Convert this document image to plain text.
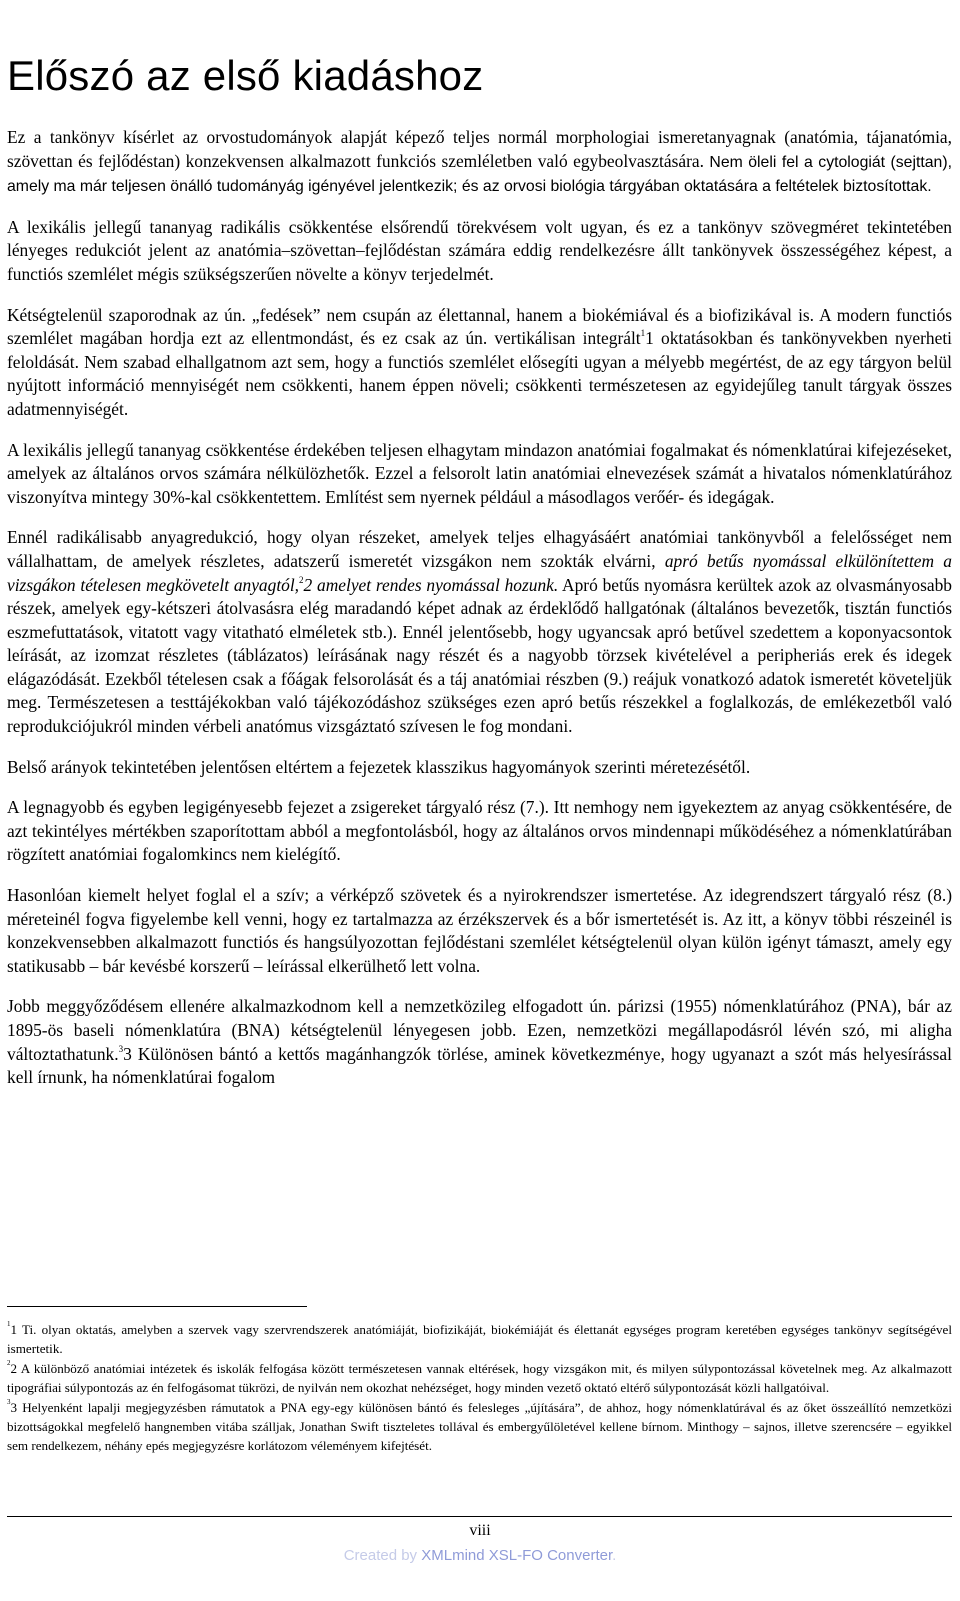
Előszó az első kiadáshoz

Ez a tankönyv kísérlet az orvostudományok alapját képező teljes normál morphologiai ismeretanyagnak (anatómia, tájanatómia, szövettan és fejlődéstan) konzekvensen alkalmazott funkciós szemléletben való egybeolvasztására. Nem öleli fel a cytologiát (sejttan), amely ma már teljesen önálló tudományág igényével jelentkezik; és az orvosi biológia tárgyában oktatására a feltételek biztosítottak.

A lexikális jellegű tananyag radikális csökkentése elsőrendű törekvésem volt ugyan, és ez a tankönyv szövegméret tekintetében lényeges redukciót jelent az anatómia–szövettan–fejlődéstan számára eddig rendelkezésre állt tankönyvek összességéhez képest, a functiós szemlélet mégis szükségszerűen növelte a könyv terjedelmét.

Kétségtelenül szaporodnak az ún. „fedések” nem csupán az élettannal, hanem a biokémiával és a biofizikával is. A modern functiós szemlélet magában hordja ezt az ellentmondást, és ez csak az ún. vertikálisan integrált$^1$1 oktatásokban és tankönyvekben nyerheti feloldását. Nem szabad elhallgatnom azt sem, hogy a functiós szemlélet elősegíti ugyan a mélyebb megértést, de az egy tárgyon belül nyújtott információ mennyiségét nem csökkenti, hanem éppen növeli; csökkenti természetesen az egyidejűleg tanult tárgyak összes adatmennyiségét.

A lexikális jellegű tananyag csökkentése érdekében teljesen elhagytam mindazon anatómiai fogalmakat és nómenklatúrai kifejezéseket, amelyek az általános orvos számára nélkülözhetők. Ezzel a felsorolt latin anatómiai elnevezések számát a hivatalos nómenklatúrához viszonyítva mintegy 30%-kal csökkentettem. Említést sem nyernek például a másodlagos verőér- és idegágak.

Ennél radikálisabb anyagredukció, hogy olyan részeket, amelyek teljes elhagyásáért anatómiai tankönyvből a felelősséget nem vállalhattam, de amelyek részletes, adatszerű ismeretét vizsgákon nem szokták elvárni, apró betűs nyomással elkülönítettem a vizsgákon tételesen megkövetelt anyagtól,$^2$2 amelyet rendes nyomással hozunk. Apró betűs nyomásra kerültek azok az olvasmányosabb részek, amelyek egy-kétszeri átolvasásra elég maradandó képet adnak az érdeklődő hallgatónak (általános bevezetők, tisztán functiós eszmefuttatások, vitatott vagy vitatható elméletek stb.). Ennél jelentősebb, hogy ugyancsak apró betűvel szedettem a koponyacsontok leírását, az izomzat részletes (táblázatos) leírásának nagy részét és a nagyobb törzsek kivételével a peripheriás erek és idegek elágazódását. Ezekből tételesen csak a főágak felsorolását és a táj anatómiai részben (9.) reájuk vonatkozó adatok ismeretét követeljük meg. Természetesen a testtájékokban való tájékozódáshoz szükséges ezen apró betűs részekkel a foglalkozás, de emlékezetből való reprodukciójukról minden vérbeli anatómus vizsgáztató szívesen le fog mondani.

Belső arányok tekintetében jelentősen eltértem a fejezetek klasszikus hagyományok szerinti méretezésétől.

A legnagyobb és egyben legigényesebb fejezet a zsigereket tárgyaló rész (7.). Itt nemhogy nem igyekeztem az anyag csökkentésére, de azt tekintélyes mértékben szaporítottam abból a megfontolásból, hogy az általános orvos mindennapi működéséhez a nómenklatúrában rögzített anatómiai fogalomkincs nem kielégítő.

Hasonlóan kiemelt helyet foglal el a szív; a vérképző szövetek és a nyirokrendszer ismertetése. Az idegrendszert tárgyaló rész (8.) méreteinél fogva figyelembe kell venni, hogy ez tartalmazza az érzékszervek és a bőr ismertetését is. Az itt, a könyv többi részeinél is konzekvensebben alkalmazott functiós és hangsúlyozottan fejlődéstani szemlélet kétségtelenül olyan külön igényt támaszt, amely egy statikusabb – bár kevésbé korszerű – leírással elkerülhető lett volna.

Jobb meggyőződésem ellenére alkalmazkodnom kell a nemzetközileg elfogadott ún. párizsi (1955) nómenklatúrához (PNA), bár az 1895-ös baseli nómenklatúra (BNA) kétségtelenül lényegesen jobb. Ezen, nemzetközi megállapodásról lévén szó, mi aligha változtathatunk.$^3$3 Különösen bántó a kettős magánhangzók törlése, aminek következménye, hogy ugyanazt a szót más helyesírással kell írnunk, ha nómenklatúrai fogalom

$^1$1 Ti. olyan oktatás, amelyben a szervek vagy szervrendszerek anatómiáját, biofizikáját, biokémiáját és élettanát egységes program keretében egységes tankönyv segítségével ismertetik.

$^2$2 A különböző anatómiai intézetek és iskolák felfogása között természetesen vannak eltérések, hogy vizsgákon mit, és milyen súlypontozással követelnek meg. Az alkalmazott tipográfiai súlypontozás az én felfogásomat tükrözi, de nyilván nem okozhat nehézséget, hogy minden vezető oktató eltérő súlypontozását közli hallgatóival.

$^3$3 Helyenként lapalji megjegyzésben rámutatok a PNA egy-egy különösen bántó és felesleges „újítására”, de ahhoz, hogy nómenklatúrával és az őket összeállító nemzetközi bizottságokkal megfelelő hangnemben vitába szálljak, Jonathan Swift tiszteletes tollával és embergyűlöletével kellene bírnom. Minthogy – sajnos, illetve szerencsére – egyikkel sem rendelkezem, néhány epés megjegyzésre korlátozom véleményem kifejtését.

viii
Created by XMLmind XSL-FO Converter.
